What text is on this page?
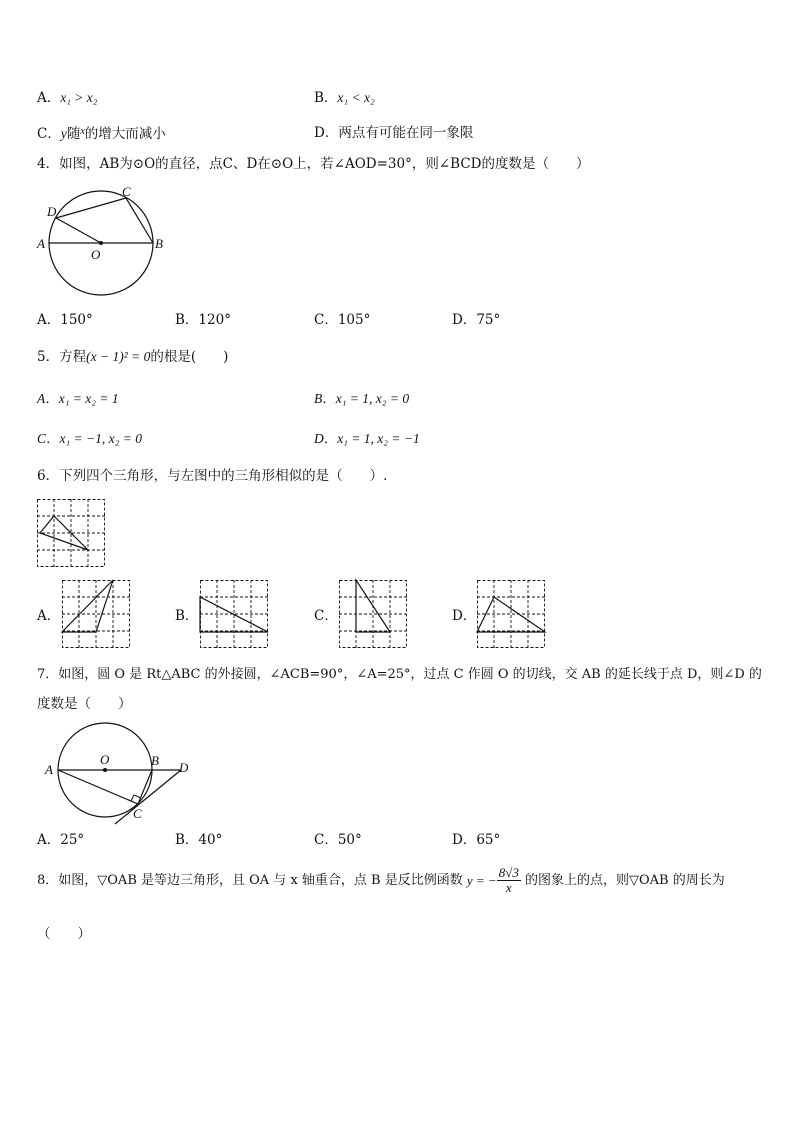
A．x₁ > x₂	B．x₁ < x₂
C．y随$^x$的增大而减小	D．两点有可能在同一象限
4．如图，AB为⊙O的直径，点C、D在⊙O上，若∠AOD=30°，则∠BCD的度数是（　　）
A	B
C
D
O
A．150°	B．120°	C．105°	D．75°
5．方程(x − 1)² = 0的根是(　　)
A．x₁ = x₂ = 1	B．x₁ = 1, x₂ = 0
C．x₁ = −1, x₂ = 0	D．x₁ = 1, x₂ = −1
6．下列四个三角形，与左图中的三角形相似的是（　　）.
A．	B．	C．	D．
7．如图，圆 O 是 Rt△ABC 的外接圆，∠ACB=90°，∠A=25°，过点 C 作圆 O 的切线，交 AB 的延长线于点 D，则∠D 的
度数是（　　）
A
B
C
D
O
A．25°	B．40°	C．50°	D．65°
8．如图，▽OAB 是等边三角形，且 OA 与 x 轴重合，点 B 是反比例函数 y = − $\frac{8√3}{x}$ 的图象上的点，则▽OAB 的周长为
（　　）
